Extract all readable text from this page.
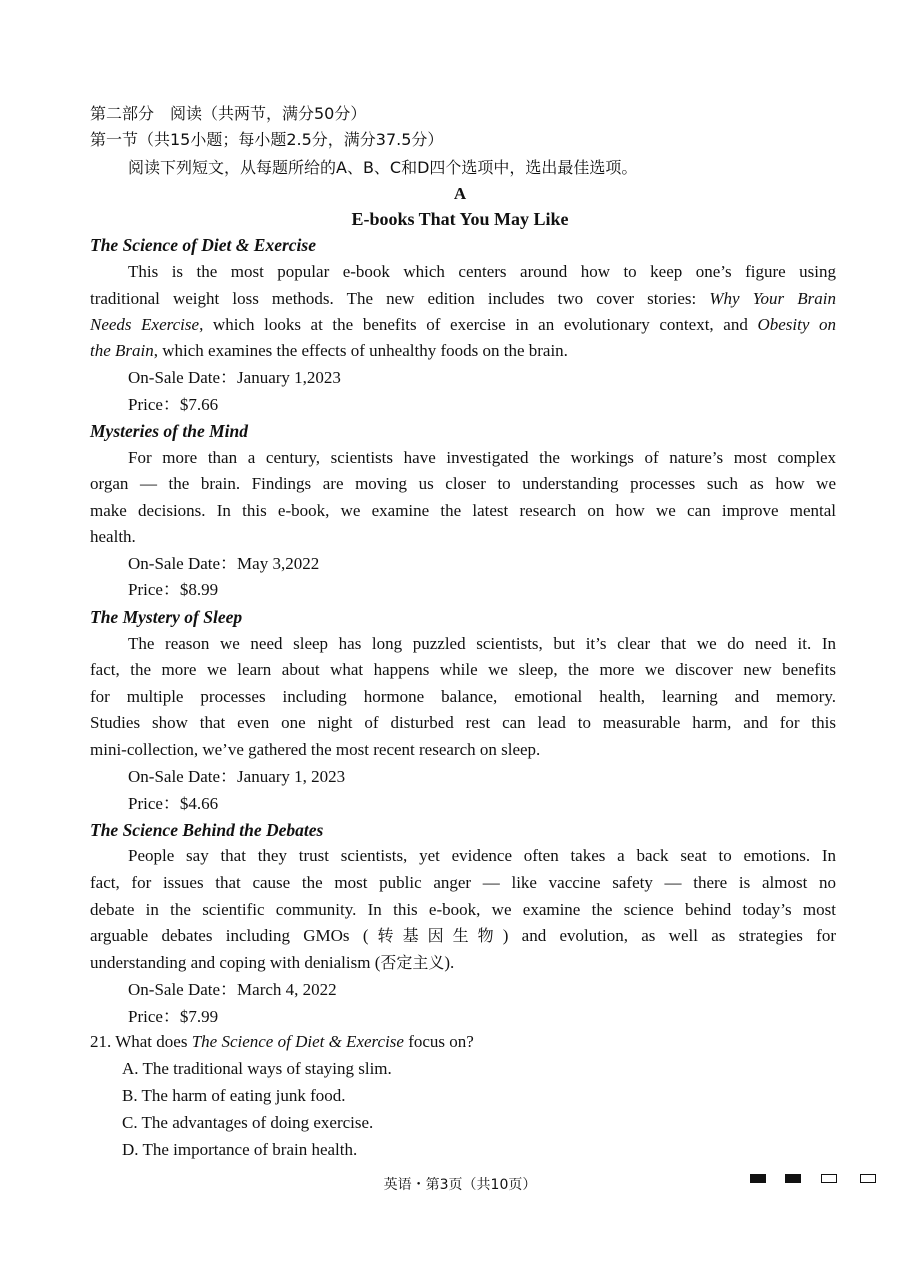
第二部分　阅读（共两节，满分50分）
第一节（共15小题；每小题2.5分，满分37.5分）
阅读下列短文，从每题所给的A、B、C和D四个选项中，选出最佳选项。
A
E-books That You May Like
The Science of Diet & Exercise
This is the most popular e-book which centers around how to keep one’s figure using
traditional weight loss methods. The new edition includes two cover stories: Why Your Brain
Needs Exercise, which looks at the benefits of exercise in an evolutionary context, and Obesity on
the Brain, which examines the effects of unhealthy foods on the brain.
On-Sale Date：January 1,2023
Price：$7.66
Mysteries of the Mind
For more than a century, scientists have investigated the workings of nature’s most complex
organ — the brain. Findings are moving us closer to understanding processes such as how we
make decisions. In this e-book, we examine the latest research on how we can improve mental
health.
On-Sale Date：May 3,2022
Price：$8.99
The Mystery of Sleep
The reason we need sleep has long puzzled scientists, but it’s clear that we do need it. In
fact, the more we learn about what happens while we sleep, the more we discover new benefits
for multiple processes including hormone balance, emotional health, learning and memory.
Studies show that even one night of disturbed rest can lead to measurable harm, and for this
mini-collection, we’ve gathered the most recent research on sleep.
On-Sale Date：January 1, 2023
Price：$4.66
The Science Behind the Debates
People say that they trust scientists, yet evidence often takes a back seat to emotions. In
fact, for issues that cause the most public anger — like vaccine safety — there is almost no
debate in the scientific community. In this e-book, we examine the science behind today’s most
arguable debates including GMOs (转基因生物) and evolution, as well as strategies for
understanding and coping with denialism (否定主义).
On-Sale Date：March 4, 2022
Price：$7.99
21. What does The Science of Diet & Exercise focus on?
A. The traditional ways of staying slim.
B. The harm of eating junk food.
C. The advantages of doing exercise.
D. The importance of brain health.
英语・第3页（共10页）
